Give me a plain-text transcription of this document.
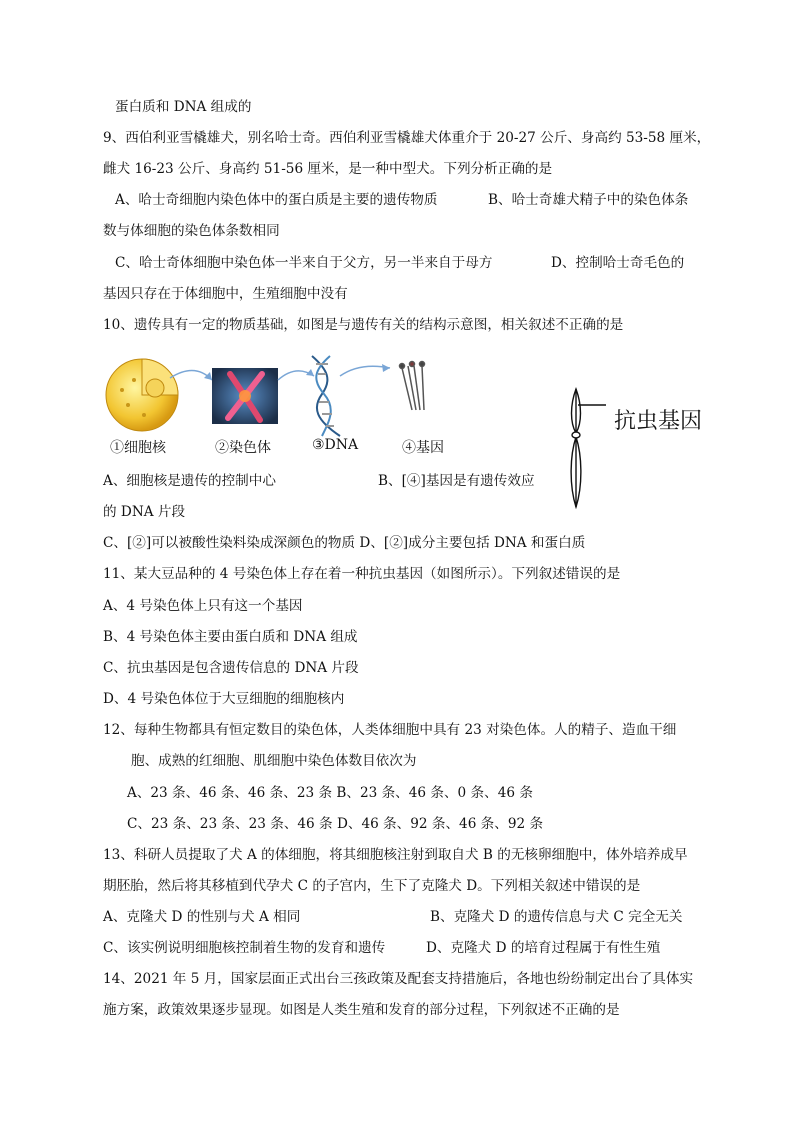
蛋白质和 DNA 组成的
9、西伯利亚雪橇雄犬，别名哈士奇。西伯利亚雪橇雄犬体重介于 20-27 公斤、身高约 53-58 厘米，
雌犬 16-23 公斤、身高约 51-56 厘米，是一种中型犬。下列分析正确的是
A、哈士奇细胞内染色体中的蛋白质是主要的遗传物质	B、哈士奇雄犬精子中的染色体条
数与体细胞的染色体条数相同
C、哈士奇体细胞中染色体一半来自于父方，另一半来自于母方	D、控制哈士奇毛色的
基因只存在于体细胞中，生殖细胞中没有
10、遗传具有一定的物质基础，如图是与遗传有关的结构示意图，相关叙述不正确的是
①细胞核	②染色体	③DNA	④基因
抗虫基因
A、细胞核是遗传的控制中心	B、[④]基因是有遗传效应
的 DNA 片段
C、[②]可以被酸性染料染成深颜色的物质 D、[②]成分主要包括 DNA 和蛋白质
11、某大豆品种的 4 号染色体上存在着一种抗虫基因（如图所示）。下列叙述错误的是
A、4 号染色体上只有这一个基因
B、4 号染色体主要由蛋白质和 DNA 组成
C、抗虫基因是包含遗传信息的 DNA 片段
D、4 号染色体位于大豆细胞的细胞核内
12、每种生物都具有恒定数目的染色体，人类体细胞中具有 23 对染色体。人的精子、造血干细
胞、成熟的红细胞、肌细胞中染色体数目依次为
A、23 条、46 条、46 条、23 条 B、23 条、46 条、0 条、46 条
C、23 条、23 条、23 条、46 条 D、46 条、92 条、46 条、92 条
13、科研人员提取了犬 A 的体细胞，将其细胞核注射到取自犬 B 的无核卵细胞中，体外培养成早
期胚胎，然后将其移植到代孕犬 C 的子宫内，生下了克隆犬 D。下列相关叙述中错误的是
A、克隆犬 D 的性别与犬 A 相同	B、克隆犬 D 的遗传信息与犬 C 完全无关
C、该实例说明细胞核控制着生物的发育和遗传	D、克隆犬 D 的培育过程属于有性生殖
14、2021 年 5 月，国家层面正式出台三孩政策及配套支持措施后，各地也纷纷制定出台了具体实
施方案，政策效果逐步显现。如图是人类生殖和发育的部分过程，下列叙述不正确的是
